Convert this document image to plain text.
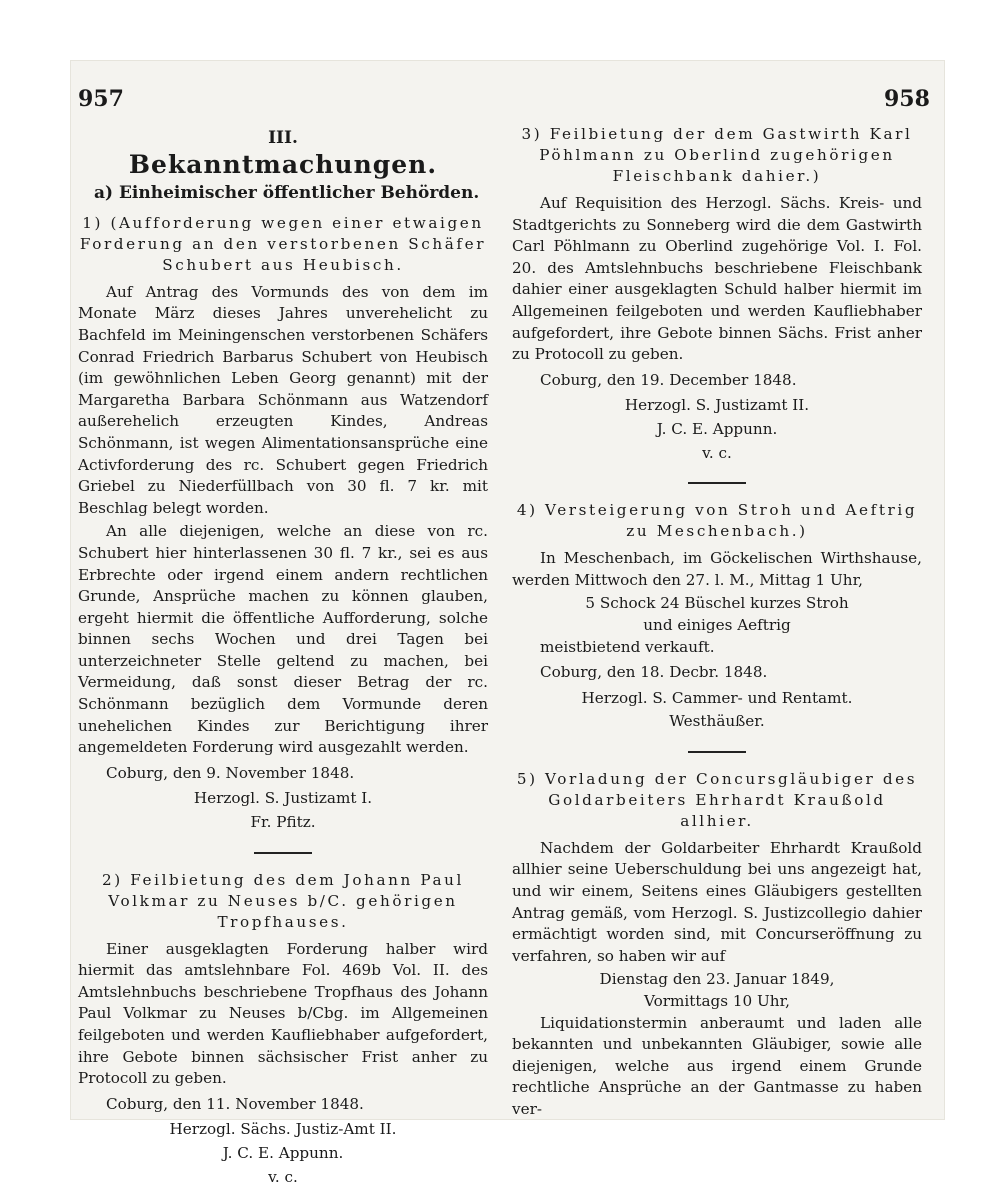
957	958
III.
Bekanntmachungen.
a) Einheimischer öffentlicher Behörden.
1) (Aufforderung wegen einer etwaigen Forderung an den verstorbenen Schäfer Schubert aus Heubisch.

Auf Antrag des Vormunds des von dem im Monate März dieses Jahres unverehelicht zu Bachfeld im Meiningenschen verstorbenen Schäfers Conrad Friedrich Barbarus Schubert von Heubisch (im gewöhnlichen Leben Georg genannt) mit der Margaretha Barbara Schönmann aus Watzendorf außerehelich erzeugten Kindes, Andreas Schönmann, ist wegen Alimentationsansprüche eine Activforderung des rc. Schubert gegen Friedrich Griebel zu Niederfüllbach von 30 fl. 7 kr. mit Beschlag belegt worden.

An alle diejenigen, welche an diese von rc. Schubert hier hinterlassenen 30 fl. 7 kr., sei es aus Erbrechte oder irgend einem andern rechtlichen Grunde, Ansprüche machen zu können glauben, ergeht hiermit die öffentliche Aufforderung, solche binnen sechs Wochen und drei Tagen bei unterzeichneter Stelle geltend zu machen, bei Vermeidung, daß sonst dieser Betrag der rc. Schönmann bezüglich dem Vormunde deren unehelichen Kindes zur Berichtigung ihrer angemeldeten Forderung wird ausgezahlt werden.

Coburg, den 9. November 1848.

Herzogl. S. Justizamt I.

Fr. Pfitz.

2) Feilbietung des dem Johann Paul Volkmar zu Neuses b/C. gehörigen Tropfhauses.

Einer ausgeklagten Forderung halber wird hiermit das amtslehnbare Fol. 469b Vol. II. des Amtslehnbuchs beschriebene Tropfhaus des Johann Paul Volkmar zu Neuses b/Cbg. im Allgemeinen feilgeboten und werden Kaufliebhaber aufgefordert, ihre Gebote binnen sächsischer Frist anher zu Protocoll zu geben.

Coburg, den 11. November 1848.

Herzogl. Sächs. Justiz-Amt II.

J. C. E. Appunn.

v. c.

3) Feilbietung der dem Gastwirth Karl Pöhlmann zu Oberlind zugehörigen Fleischbank dahier.)

Auf Requisition des Herzogl. Sächs. Kreis- und Stadtgerichts zu Sonneberg wird die dem Gastwirth Carl Pöhlmann zu Oberlind zugehörige Vol. I. Fol. 20. des Amtslehnbuchs beschriebene Fleischbank dahier einer ausgeklagten Schuld halber hiermit im Allgemeinen feilgeboten und werden Kaufliebhaber aufgefordert, ihre Gebote binnen Sächs. Frist anher zu Protocoll zu geben.

Coburg, den 19. December 1848.

Herzogl. S. Justizamt II.

J. C. E. Appunn.

v. c.

4) Versteigerung von Stroh und Aeftrig zu Meschenbach.)

In Meschenbach, im Göckelischen Wirthshause, werden Mittwoch den 27. l. M., Mittag 1 Uhr,

5 Schock 24 Büschel kurzes Stroh

und einiges Aeftrig

meistbietend verkauft.

Coburg, den 18. Decbr. 1848.

Herzogl. S. Cammer- und Rentamt.

Westhäußer.

5) Vorladung der Concursgläubiger des Goldarbeiters Ehrhardt Kraußold allhier.

Nachdem der Goldarbeiter Ehrhardt Kraußold allhier seine Ueberschuldung bei uns angezeigt hat, und wir einem, Seitens eines Gläubigers gestellten Antrag gemäß, vom Herzogl. S. Justizcollegio dahier ermächtigt worden sind, mit Concurseröffnung zu verfahren, so haben wir auf

Dienstag den 23. Januar 1849,

Vormittags 10 Uhr,

Liquidationstermin anberaumt und laden alle bekannten und unbekannten Gläubiger, sowie alle diejenigen, welche aus irgend einem Grunde rechtliche Ansprüche an der Gantmasse zu haben ver-
